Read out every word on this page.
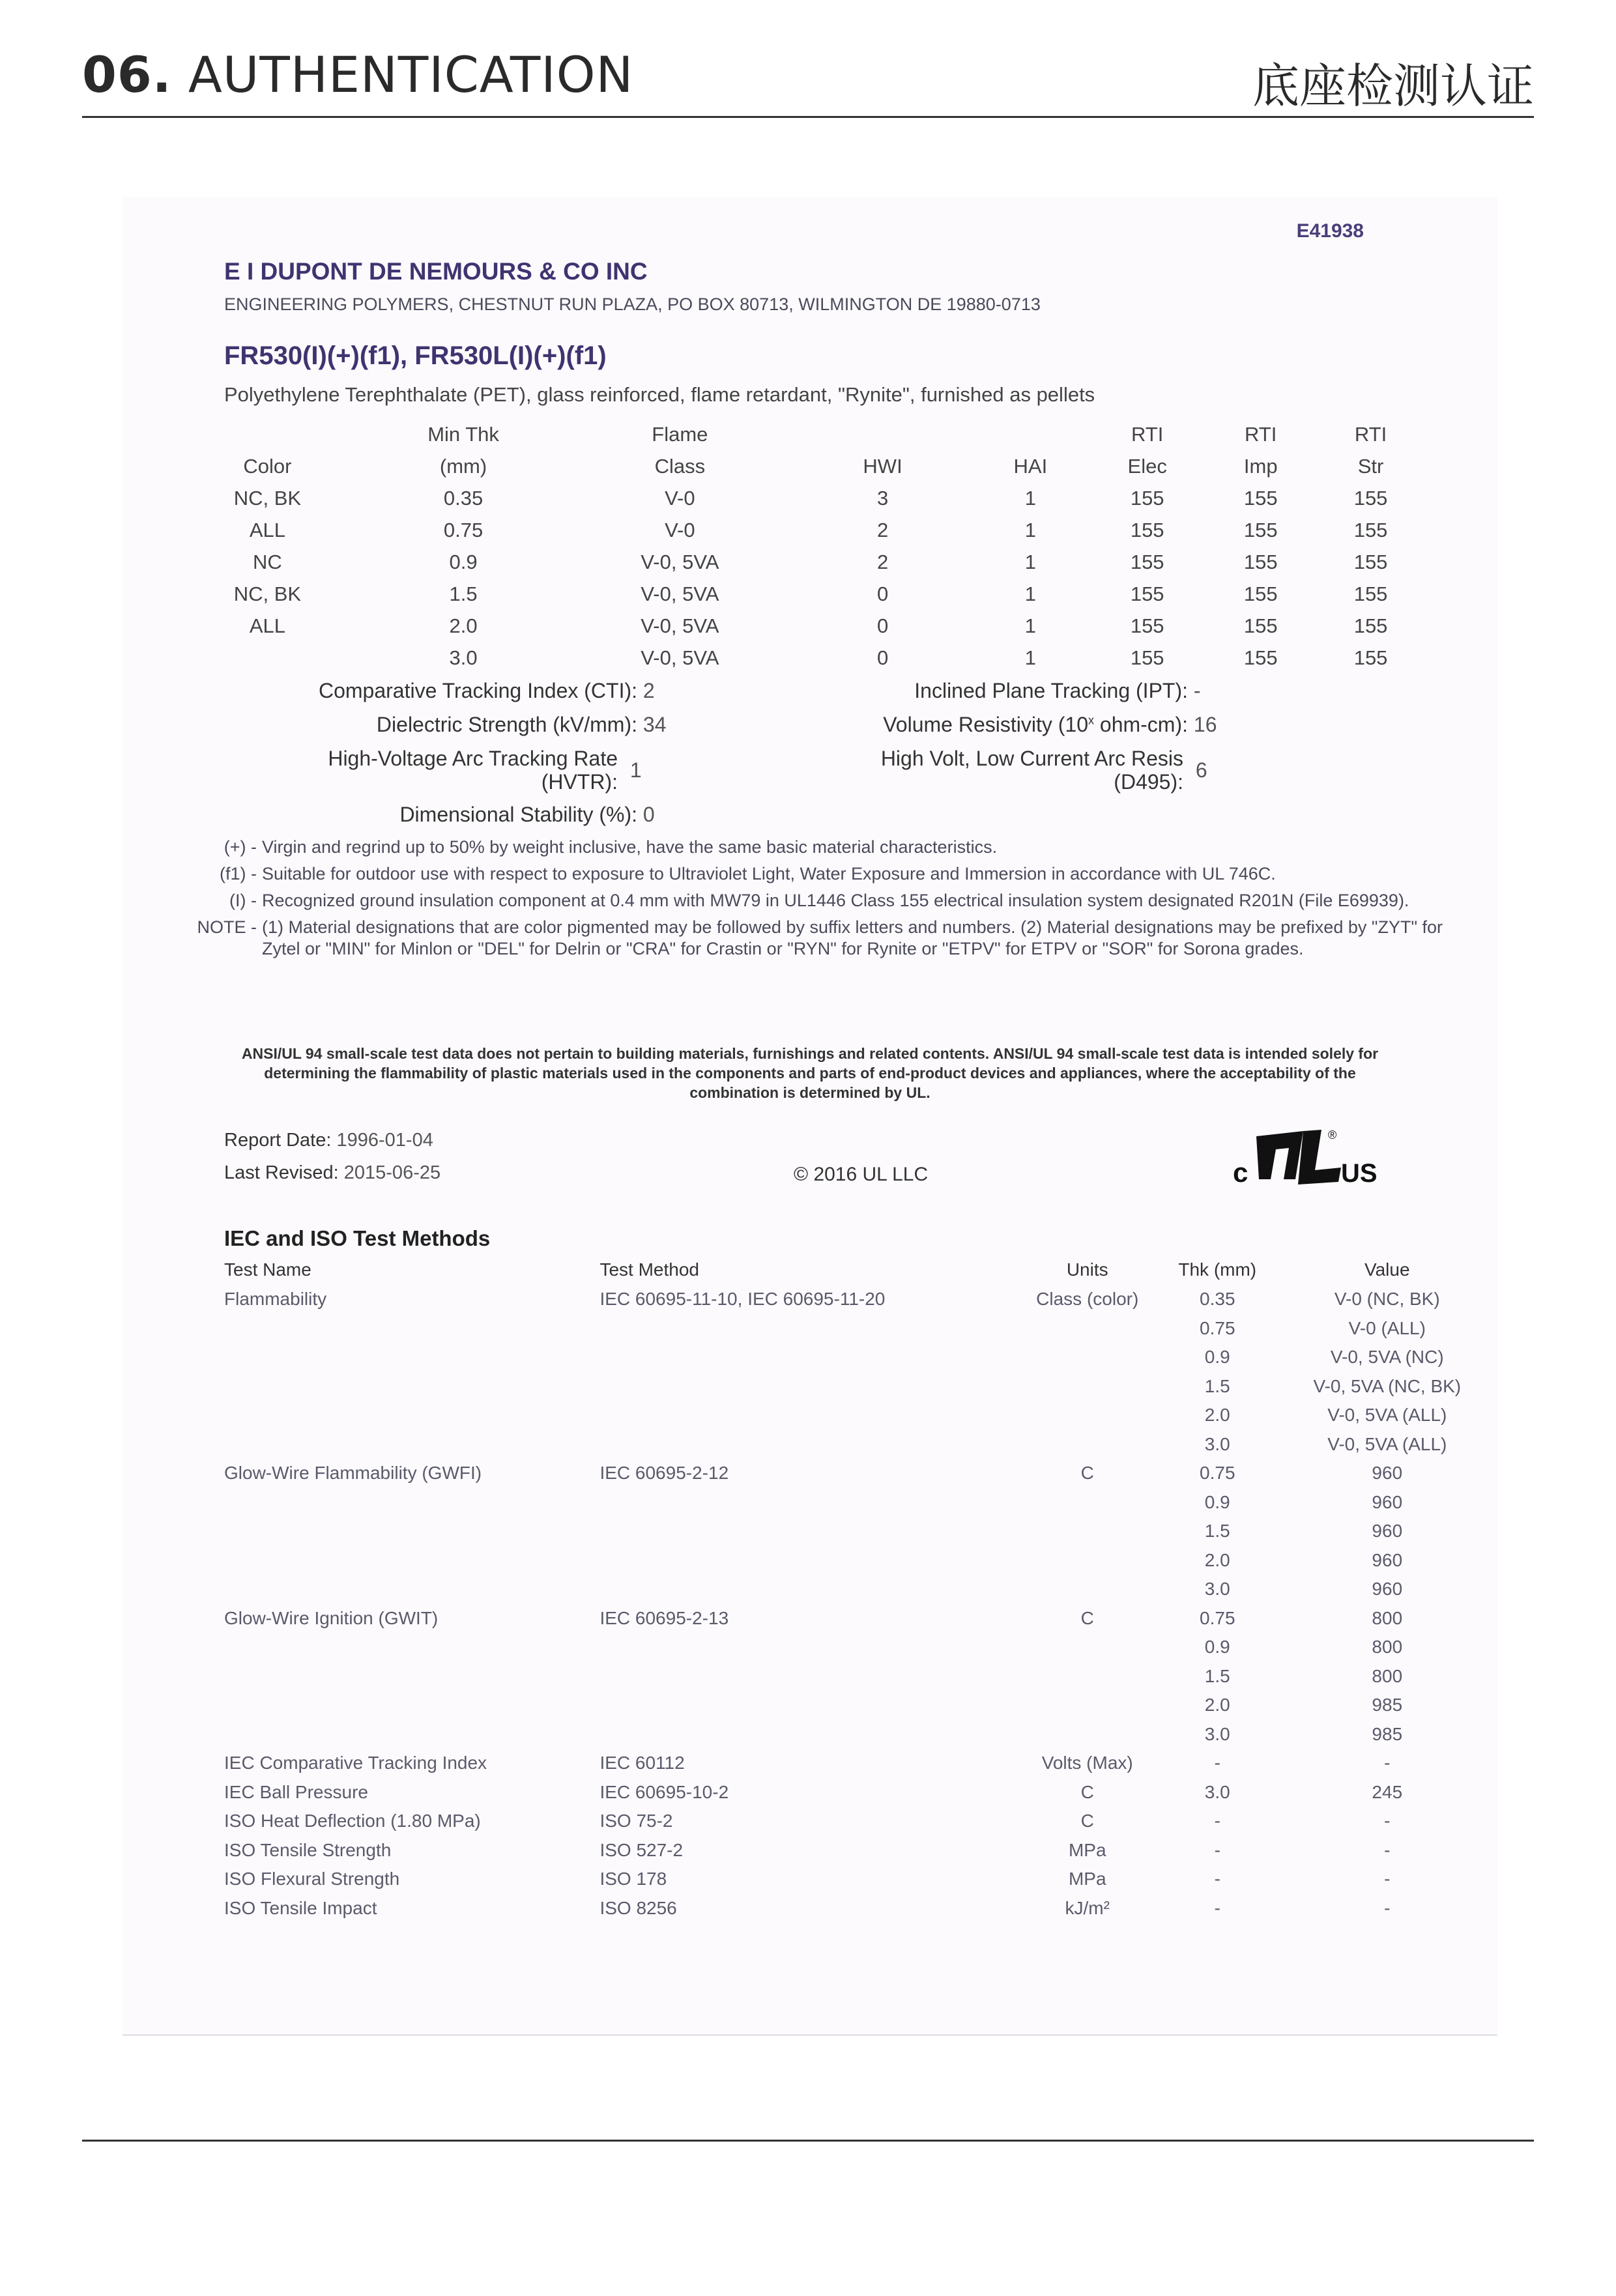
06. AUTHENTICATION	底座检测认证
E41938
E I DUPONT DE NEMOURS & CO INC
ENGINEERING POLYMERS, CHESTNUT RUN PLAZA, PO BOX 80713, WILMINGTON DE 19880-0713
FR530(I)(+)(f1), FR530L(I)(+)(f1)
Polyethylene Terephthalate (PET), glass reinforced, flame retardant, "Rynite", furnished as pellets
	Min Thk	Flame			RTI	RTI	RTI
Color	(mm)	Class	HWI	HAI	Elec	Imp	Str
NC, BK	0.35	V-0	3	1	155	155	155
ALL	0.75	V-0	2	1	155	155	155
NC	0.9	V-0, 5VA	2	1	155	155	155
NC, BK	1.5	V-0, 5VA	0	1	155	155	155
ALL	2.0	V-0, 5VA	0	1	155	155	155
	3.0	V-0, 5VA	0	1	155	155	155
Comparative Tracking Index (CTI): 2
Dielectric Strength (kV/mm): 34
High-Voltage Arc Tracking Rate
(HVTR):
1
Dimensional Stability (%): 0
Inclined Plane Tracking (IPT): -
Volume Resistivity (10$^x$ ohm-cm): 16
High Volt, Low Current Arc Resis
(D495):
6
(+) - Virgin and regrind up to 50% by weight inclusive, have the same basic material characteristics.
(f1) - Suitable for outdoor use with respect to exposure to Ultraviolet Light, Water Exposure and Immersion in accordance with UL 746C.
(I) - Recognized ground insulation component at 0.4 mm with MW79 in UL1446 Class 155 electrical insulation system designated R201N (File E69939).
NOTE - (1) Material designations that are color pigmented may be followed by suffix letters and numbers. (2) Material designations may be prefixed by "ZYT" for Zytel or "MIN" for Minlon or "DEL" for Delrin or "CRA" for Crastin or "RYN" for Rynite or "ETPV" for ETPV or "SOR" for Sorona grades.
ANSI/UL 94 small-scale test data does not pertain to building materials, furnishings and related contents. ANSI/UL 94 small-scale test data is intended solely for determining the flammability of plastic materials used in the components and parts of end-product devices and appliances, where the acceptability of the combination is determined by UL.
Report Date: 1996-01-04
Last Revised: 2015-06-25	© 2016 UL LLC	c	US
®
IEC and ISO Test Methods
Test Name	Test Method	Units	Thk (mm)	Value
Flammability	IEC 60695-11-10, IEC 60695-11-20	Class (color)	0.35	V-0 (NC, BK)
			0.75	V-0 (ALL)
			0.9	V-0, 5VA (NC)
			1.5	V-0, 5VA (NC, BK)
			2.0	V-0, 5VA (ALL)
			3.0	V-0, 5VA (ALL)
Glow-Wire Flammability (GWFI)	IEC 60695-2-12	C	0.75	960
			0.9	960
			1.5	960
			2.0	960
			3.0	960
Glow-Wire Ignition (GWIT)	IEC 60695-2-13	C	0.75	800
			0.9	800
			1.5	800
			2.0	985
			3.0	985
IEC Comparative Tracking Index	IEC 60112	Volts (Max)	-	-
IEC Ball Pressure	IEC 60695-10-2	C	3.0	245
ISO Heat Deflection (1.80 MPa)	ISO 75-2	C	-	-
ISO Tensile Strength	ISO 527-2	MPa	-	-
ISO Flexural Strength	ISO 178	MPa	-	-
ISO Tensile Impact	ISO 8256	kJ/m²	-	-
